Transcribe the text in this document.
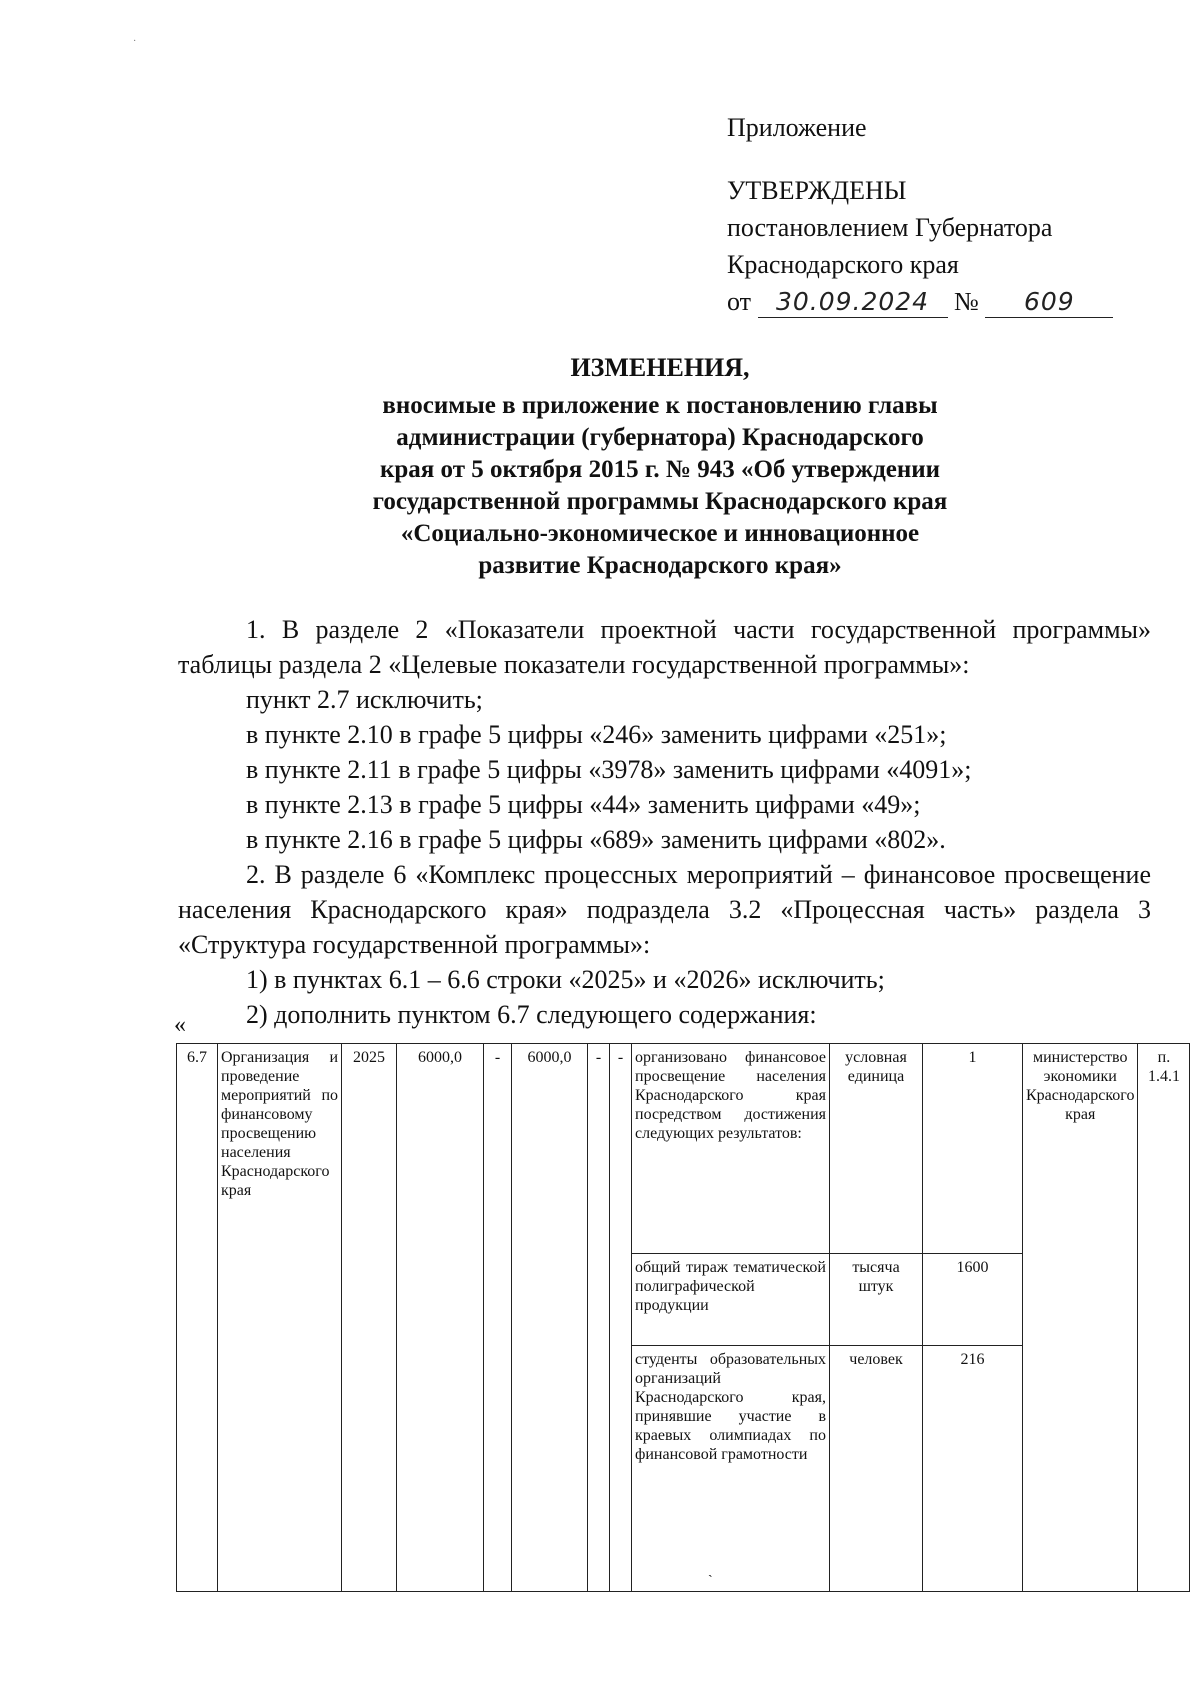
·
Приложение
УТВЕРЖДЕНЫ
постановлением Губернатора
Краснодарского края
от 30.09.2024 № 609
ИЗМЕНЕНИЯ,
вносимые в приложение к постановлению главы
администрации (губернатора) Краснодарского
края от 5 октября 2015 г. № 943 «Об утверждении
государственной программы Краснодарского края
«Социально-экономическое и инновационное
развитие Краснодарского края»

1. В разделе 2 «Показатели проектной части государственной программы» таблицы раздела 2 «Целевые показатели государственной программы»:

пункт 2.7 исключить;

в пункте 2.10 в графе 5 цифры «246» заменить цифрами «251»;

в пункте 2.11 в графе 5 цифры «3978» заменить цифрами «4091»;

в пункте 2.13 в графе 5 цифры «44» заменить цифрами «49»;

в пункте 2.16 в графе 5 цифры «689» заменить цифрами «802».

2. В разделе 6 «Комплекс процессных мероприятий – финансовое просвещение населения Краснодарского края» подраздела 3.2 «Процессная часть» раздела 3 «Структура государственной программы»:

1) в пунктах 6.1 – 6.6 строки «2025» и «2026» исключить;

2) дополнить пунктом 6.7 следующего содержания:

«
6.7	Организация и проведение мероприятий по финансовому просвещению населения Краснодарского края	2025	6000,0	-	6000,0	-	-	организовано финансовое просвещение населения Краснодарского края посредством достижения следующих результатов:	условная единица	1	министерство экономики Краснодарского края	п. 1.4.1
								общий тираж тематической полиграфической продукции	тысяча штук	1600		
								студенты образовательных организаций Краснодарского края, принявшие участие в краевых олимпиадах по финансовой грамотности	человек	216		
ˎ
